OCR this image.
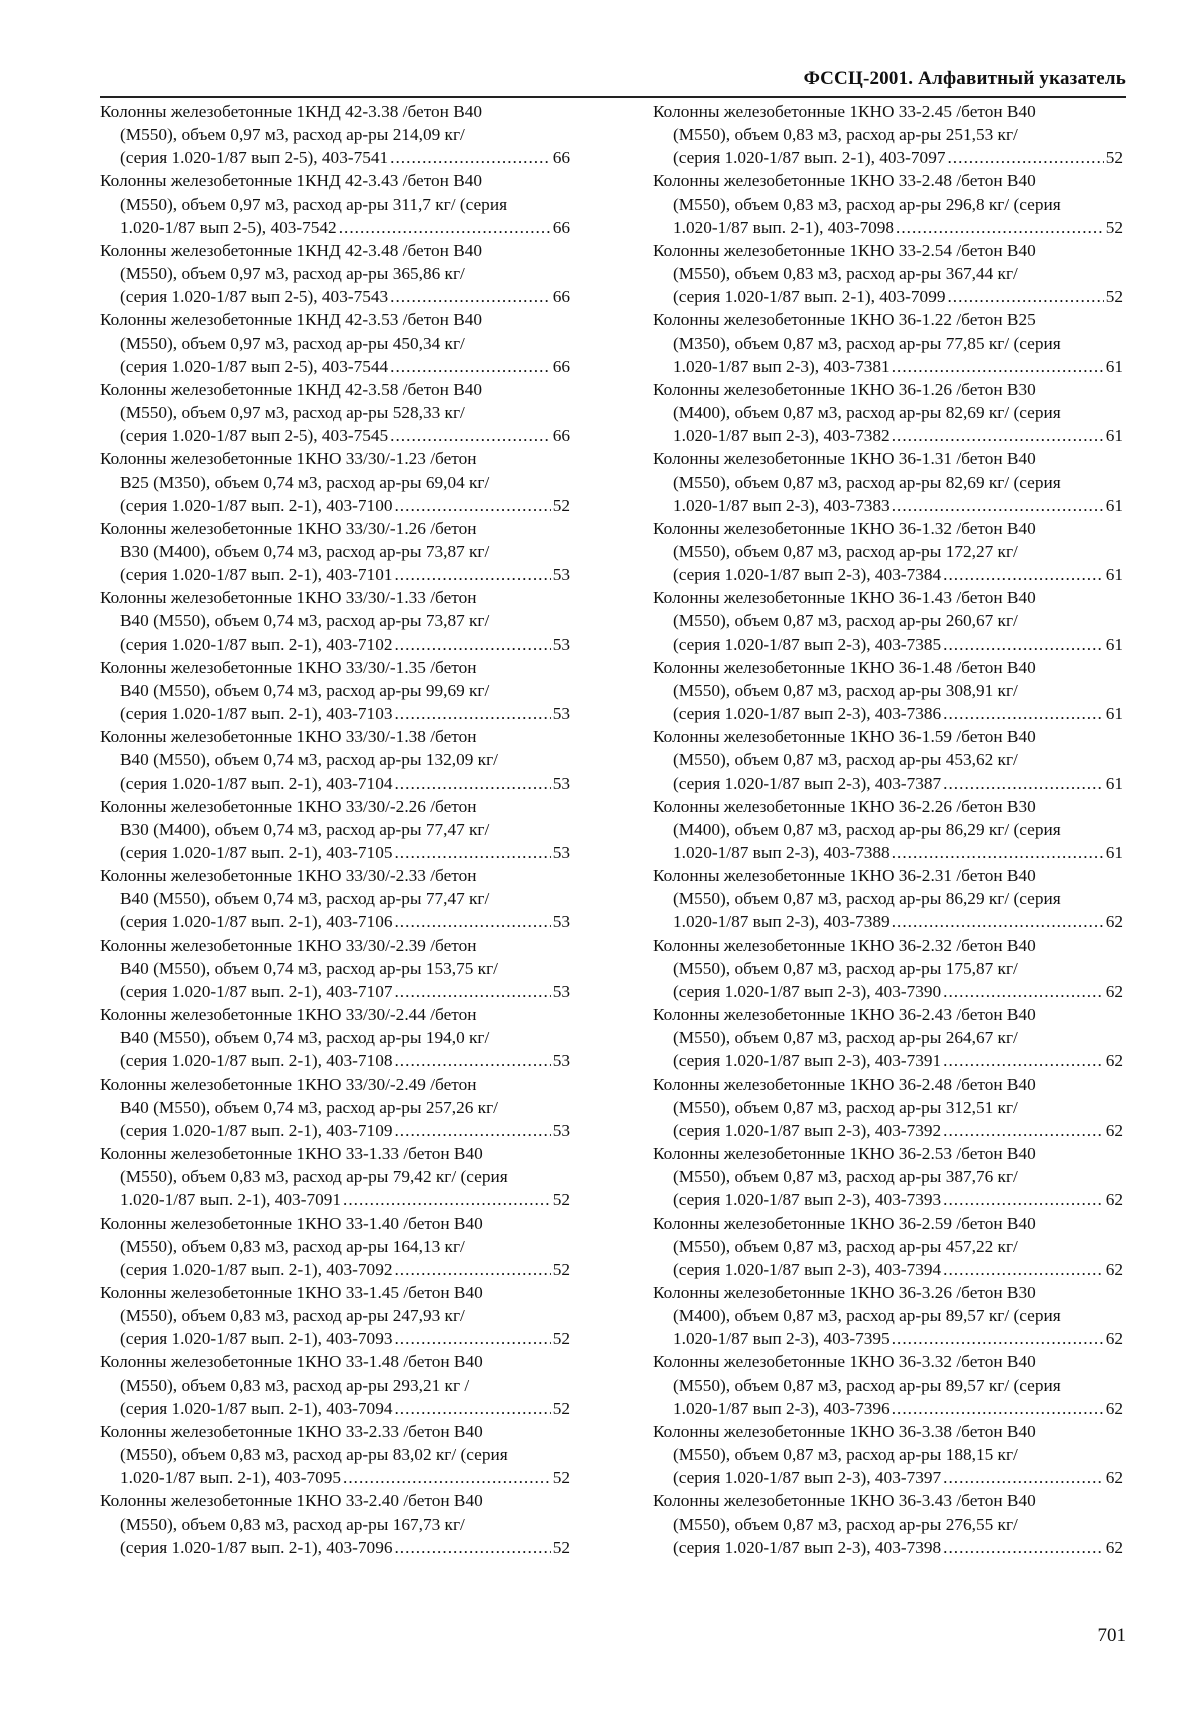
ФССЦ-2001. Алфавитный указатель
Колонны железобетонные 1КНД 42-3.38 /бетон В40
(М550), объем 0,97 м3, расход ар-ры 214,09 кг/
(серия 1.020-1/87 вып 2-5), 403-7541 .....	66
Колонны железобетонные 1КНД 42-3.43 /бетон В40
(М550), объем 0,97 м3, расход ар-ры 311,7 кг/ (серия
1.020-1/87 вып 2-5), 403-7542 .....	66
Колонны железобетонные 1КНД 42-3.48 /бетон В40
(М550), объем 0,97 м3, расход ар-ры 365,86 кг/
(серия 1.020-1/87 вып 2-5), 403-7543 .....	66
Колонны железобетонные 1КНД 42-3.53 /бетон В40
(М550), объем 0,97 м3, расход ар-ры 450,34 кг/
(серия 1.020-1/87 вып 2-5), 403-7544 .....	66
Колонны железобетонные 1КНД 42-3.58 /бетон В40
(М550), объем 0,97 м3, расход ар-ры 528,33 кг/
(серия 1.020-1/87 вып 2-5), 403-7545 .....	66
Колонны железобетонные 1КНО 33/30/-1.23 /бетон
В25 (М350), объем 0,74 м3, расход ар-ры 69,04 кг/
(серия 1.020-1/87 вып. 2-1), 403-7100 .....	52
Колонны железобетонные 1КНО 33/30/-1.26 /бетон
В30 (М400), объем 0,74 м3, расход ар-ры 73,87 кг/
(серия 1.020-1/87 вып. 2-1), 403-7101 .....	53
Колонны железобетонные 1КНО 33/30/-1.33 /бетон
В40 (М550), объем 0,74 м3, расход ар-ры 73,87 кг/
(серия 1.020-1/87 вып. 2-1), 403-7102 .....	53
Колонны железобетонные 1КНО 33/30/-1.35 /бетон
В40 (М550), объем 0,74 м3, расход ар-ры 99,69 кг/
(серия 1.020-1/87 вып. 2-1), 403-7103 .....	53
Колонны железобетонные 1КНО 33/30/-1.38 /бетон
В40 (М550), объем 0,74 м3, расход ар-ры 132,09 кг/
(серия 1.020-1/87 вып. 2-1), 403-7104 .....	53
Колонны железобетонные 1КНО 33/30/-2.26 /бетон
В30 (М400), объем 0,74 м3, расход ар-ры 77,47 кг/
(серия 1.020-1/87 вып. 2-1), 403-7105 .....	53
Колонны железобетонные 1КНО 33/30/-2.33 /бетон
В40 (М550), объем 0,74 м3, расход ар-ры 77,47 кг/
(серия 1.020-1/87 вып. 2-1), 403-7106 .....	53
Колонны железобетонные 1КНО 33/30/-2.39 /бетон
В40 (М550), объем 0,74 м3, расход ар-ры 153,75 кг/
(серия 1.020-1/87 вып. 2-1), 403-7107 .....	53
Колонны железобетонные 1КНО 33/30/-2.44 /бетон
В40 (М550), объем 0,74 м3, расход ар-ры 194,0 кг/
(серия 1.020-1/87 вып. 2-1), 403-7108 .....	53
Колонны железобетонные 1КНО 33/30/-2.49 /бетон
В40 (М550), объем 0,74 м3, расход ар-ры 257,26 кг/
(серия 1.020-1/87 вып. 2-1), 403-7109 .....	53
Колонны железобетонные 1КНО 33-1.33 /бетон В40
(М550), объем 0,83 м3, расход ар-ры 79,42 кг/ (серия
1.020-1/87 вып. 2-1), 403-7091 .....	52
Колонны железобетонные 1КНО 33-1.40 /бетон В40
(М550), объем 0,83 м3, расход ар-ры 164,13 кг/
(серия 1.020-1/87 вып. 2-1), 403-7092 .....	52
Колонны железобетонные 1КНО 33-1.45 /бетон В40
(М550), объем 0,83 м3, расход ар-ры 247,93 кг/
(серия 1.020-1/87 вып. 2-1), 403-7093 .....	52
Колонны железобетонные 1КНО 33-1.48 /бетон В40
(М550), объем 0,83 м3, расход ар-ры 293,21 кг /
(серия 1.020-1/87 вып. 2-1), 403-7094 .....	52
Колонны железобетонные 1КНО 33-2.33 /бетон В40
(М550), объем 0,83 м3, расход ар-ры 83,02 кг/ (серия
1.020-1/87 вып. 2-1), 403-7095 .....	52
Колонны железобетонные 1КНО 33-2.40 /бетон В40
(М550), объем 0,83 м3, расход ар-ры 167,73 кг/
(серия 1.020-1/87 вып. 2-1), 403-7096 .....	52
Колонны железобетонные 1КНО 33-2.45 /бетон В40
(М550), объем 0,83 м3, расход ар-ры 251,53 кг/
(серия 1.020-1/87 вып. 2-1), 403-7097 .....	52
Колонны железобетонные 1КНО 33-2.48 /бетон В40
(М550), объем 0,83 м3, расход ар-ры 296,8 кг/ (серия
1.020-1/87 вып. 2-1), 403-7098 .....	52
Колонны железобетонные 1КНО 33-2.54 /бетон В40
(М550), объем 0,83 м3, расход ар-ры 367,44 кг/
(серия 1.020-1/87 вып. 2-1), 403-7099 .....	52
Колонны железобетонные 1КНО 36-1.22 /бетон В25
(М350), объем 0,87 м3, расход ар-ры 77,85 кг/ (серия
1.020-1/87 вып 2-3), 403-7381 .....	61
Колонны железобетонные 1КНО 36-1.26 /бетон В30
(М400), объем 0,87 м3, расход ар-ры 82,69 кг/ (серия
1.020-1/87 вып 2-3), 403-7382 .....	61
Колонны железобетонные 1КНО 36-1.31 /бетон В40
(М550), объем 0,87 м3, расход ар-ры 82,69 кг/ (серия
1.020-1/87 вып 2-3), 403-7383 .....	61
Колонны железобетонные 1КНО 36-1.32 /бетон В40
(М550), объем 0,87 м3, расход ар-ры 172,27 кг/
(серия 1.020-1/87 вып 2-3), 403-7384 .....	61
Колонны железобетонные 1КНО 36-1.43 /бетон В40
(М550), объем 0,87 м3, расход ар-ры 260,67 кг/
(серия 1.020-1/87 вып 2-3), 403-7385 .....	61
Колонны железобетонные 1КНО 36-1.48 /бетон В40
(М550), объем 0,87 м3, расход ар-ры 308,91 кг/
(серия 1.020-1/87 вып 2-3), 403-7386 .....	61
Колонны железобетонные 1КНО 36-1.59 /бетон В40
(М550), объем 0,87 м3, расход ар-ры 453,62 кг/
(серия 1.020-1/87 вып 2-3), 403-7387 .....	61
Колонны железобетонные 1КНО 36-2.26 /бетон В30
(М400), объем 0,87 м3, расход ар-ры 86,29 кг/ (серия
1.020-1/87 вып 2-3), 403-7388 .....	61
Колонны железобетонные 1КНО 36-2.31 /бетон В40
(М550), объем 0,87 м3, расход ар-ры 86,29 кг/ (серия
1.020-1/87 вып 2-3), 403-7389 .....	62
Колонны железобетонные 1КНО 36-2.32 /бетон В40
(М550), объем 0,87 м3, расход ар-ры 175,87 кг/
(серия 1.020-1/87 вып 2-3), 403-7390 .....	62
Колонны железобетонные 1КНО 36-2.43 /бетон В40
(М550), объем 0,87 м3, расход ар-ры 264,67 кг/
(серия 1.020-1/87 вып 2-3), 403-7391 .....	62
Колонны железобетонные 1КНО 36-2.48 /бетон В40
(М550), объем 0,87 м3, расход ар-ры 312,51 кг/
(серия 1.020-1/87 вып 2-3), 403-7392 .....	62
Колонны железобетонные 1КНО 36-2.53 /бетон В40
(М550), объем 0,87 м3, расход ар-ры 387,76 кг/
(серия 1.020-1/87 вып 2-3), 403-7393 .....	62
Колонны железобетонные 1КНО 36-2.59 /бетон В40
(М550), объем 0,87 м3, расход ар-ры 457,22 кг/
(серия 1.020-1/87 вып 2-3), 403-7394 .....	62
Колонны железобетонные 1КНО 36-3.26 /бетон В30
(М400), объем 0,87 м3, расход ар-ры 89,57 кг/ (серия
1.020-1/87 вып 2-3), 403-7395 .....	62
Колонны железобетонные 1КНО 36-3.32 /бетон В40
(М550), объем 0,87 м3, расход ар-ры 89,57 кг/ (серия
1.020-1/87 вып 2-3), 403-7396 .....	62
Колонны железобетонные 1КНО 36-3.38 /бетон В40
(М550), объем 0,87 м3, расход ар-ры 188,15 кг/
(серия 1.020-1/87 вып 2-3), 403-7397 .....	62
Колонны железобетонные 1КНО 36-3.43 /бетон В40
(М550), объем 0,87 м3, расход ар-ры 276,55 кг/
(серия 1.020-1/87 вып 2-3), 403-7398 .....	62
701
